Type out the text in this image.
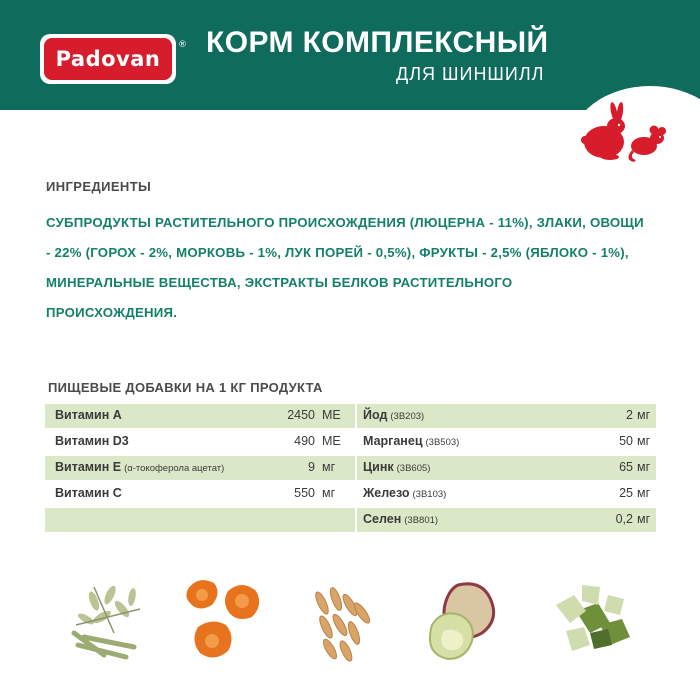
Padovan
® КОРМ КОМПЛЕКСНЫЙ
ДЛЯ ШИНШИЛЛ
ИНГРЕДИЕНТЫ
СУБПРОДУКТЫ РАСТИТЕЛЬНОГО ПРОИСХОЖДЕНИЯ (ЛЮЦЕРНА - 11%), ЗЛАКИ, ОВОЩИ - 22% (ГОРОХ - 2%, МОРКОВЬ - 1%, ЛУК ПОРЕЙ - 0,5%), ФРУКТЫ - 2,5% (ЯБЛОКО - 1%), МИНЕРАЛЬНЫЕ ВЕЩЕСТВА, ЭКСТРАКТЫ БЕЛКОВ РАСТИТЕЛЬНОГО ПРОИСХОЖДЕНИЯ.
ПИЩЕВЫЕ ДОБАВКИ НА 1 КГ ПРОДУКТА
Витамин А	2450 МЕ Йод (3B203)	2 мг
Витамин D3	490 МЕ Марганец (3B503)	50 мг
Витамин Е (α-токоферола ацетат)	9 мг Цинк (3B605)	65 мг
Витамин С	550 мг Железо (3B103)	25 мг
Селен (3B801)	0,2 мг
